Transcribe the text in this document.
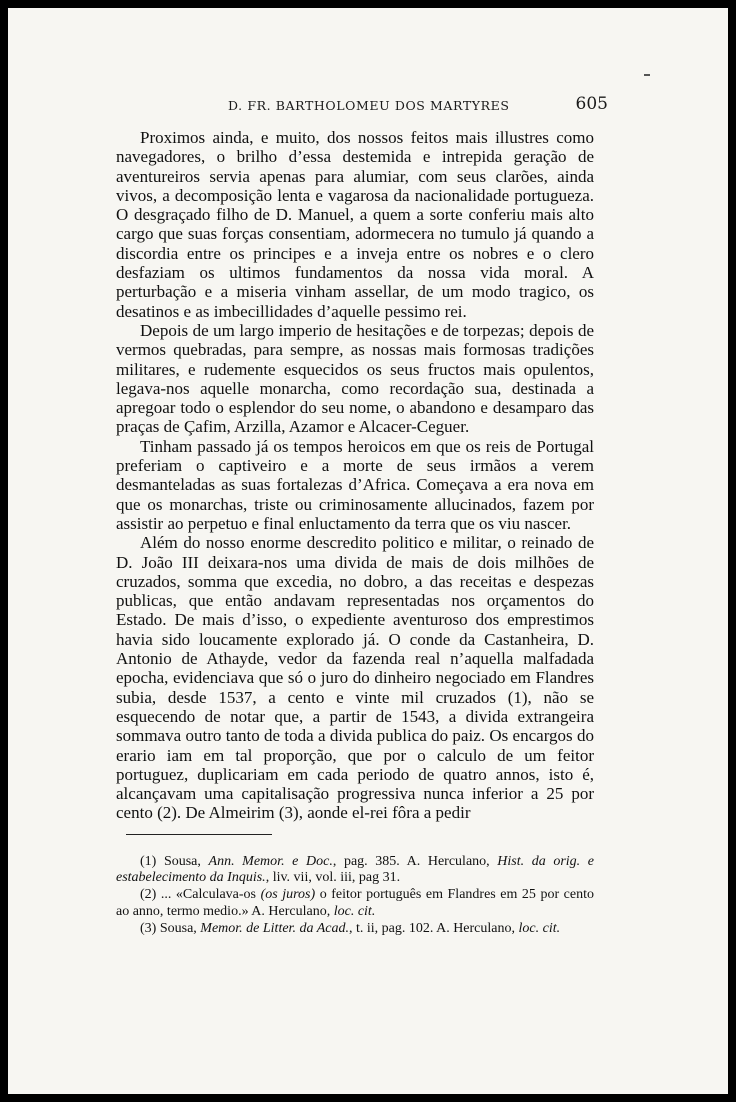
D. FR. BARTHOLOMEU DOS MARTYRES	605

Proximos ainda, e muito, dos nossos feitos mais illustres como navegadores, o brilho d’essa destemida e intrepida geração de aventureiros servia apenas para alumiar, com seus clarões, ainda vivos, a decomposição lenta e vagarosa da nacionalidade portugueza. O desgraçado filho de D. Manuel, a quem a sorte conferiu mais alto cargo que suas forças consentiam, adormecera no tumulo já quando a discordia entre os principes e a inveja entre os nobres e o clero desfaziam os ultimos fundamentos da nossa vida moral. A perturbação e a miseria vinham assellar, de um modo tragico, os desatinos e as imbecillidades d’aquelle pessimo rei.

Depois de um largo imperio de hesitações e de torpezas; depois de vermos quebradas, para sempre, as nossas mais formosas tradições militares, e rudemente esquecidos os seus fructos mais opulentos, legava-nos aquelle monarcha, como recordação sua, destinada a apregoar todo o esplendor do seu nome, o abandono e desamparo das praças de Çafim, Arzilla, Azamor e Alcacer-Ceguer.

Tinham passado já os tempos heroicos em que os reis de Portugal preferiam o captiveiro e a morte de seus irmãos a verem desmanteladas as suas fortalezas d’Africa. Começava a era nova em que os monarchas, triste ou criminosamente allucinados, fazem por assistir ao perpetuo e final enluctamento da terra que os viu nascer.

Além do nosso enorme descredito politico e militar, o reinado de D. João III deixara-nos uma divida de mais de dois milhões de cruzados, somma que excedia, no dobro, a das receitas e despezas publicas, que então andavam representadas nos orçamentos do Estado. De mais d’isso, o expediente aventuroso dos emprestimos havia sido loucamente explorado já. O conde da Castanheira, D. Antonio de Athayde, vedor da fazenda real n’aquella malfadada epocha, evidenciava que só o juro do dinheiro negociado em Flandres subia, desde 1537, a cento e vinte mil cruzados (1), não se esquecendo de notar que, a partir de 1543, a divida extrangeira sommava outro tanto de toda a divida publica do paiz. Os encargos do erario iam em tal proporção, que por o calculo de um feitor portuguez, duplicariam em cada periodo de quatro annos, isto é, alcançavam uma capitalisação progressiva nunca inferior a 25 por cento (2). De Almeirim (3), aonde el-rei fôra a pedir

(1) Sousa, Ann. Memor. e Doc., pag. 385. A. Herculano, Hist. da orig. e estabelecimento da Inquis., liv. vii, vol. iii, pag 31.

(2) ... «Calculava-os (os juros) o feitor português em Flandres em 25 por cento ao anno, termo medio.» A. Herculano, loc. cit.

(3) Sousa, Memor. de Litter. da Acad., t. ii, pag. 102. A. Herculano, loc. cit.
